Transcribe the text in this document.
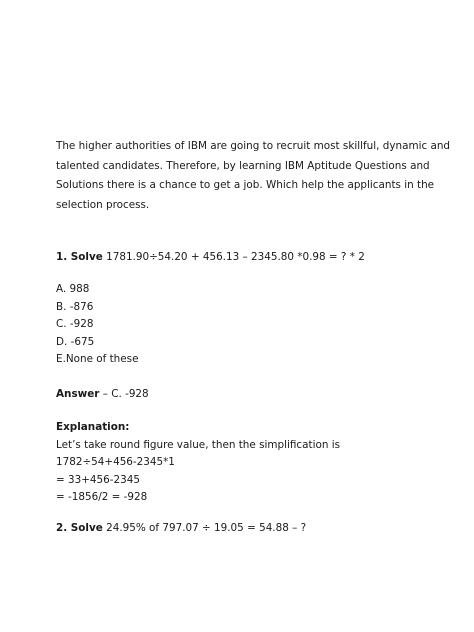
The higher authorities of IBM are going to recruit most skillful, dynamic and
talented candidates. Therefore, by learning IBM Aptitude Questions and
Solutions there is a chance to get a job. Which help the applicants in the
selection process.
1. Solve 1781.90÷54.20 + 456.13 – 2345.80 *0.98 = ? * 2
A. 988
B. -876
C. -928
D. -675
E.None of these
Answer – C. -928
Explanation:
Let’s take round figure value, then the simplification is
1782÷54+456-2345*1
= 33+456-2345
= -1856/2 = -928
2. Solve 24.95% of 797.07 ÷ 19.05 = 54.88 – ?
